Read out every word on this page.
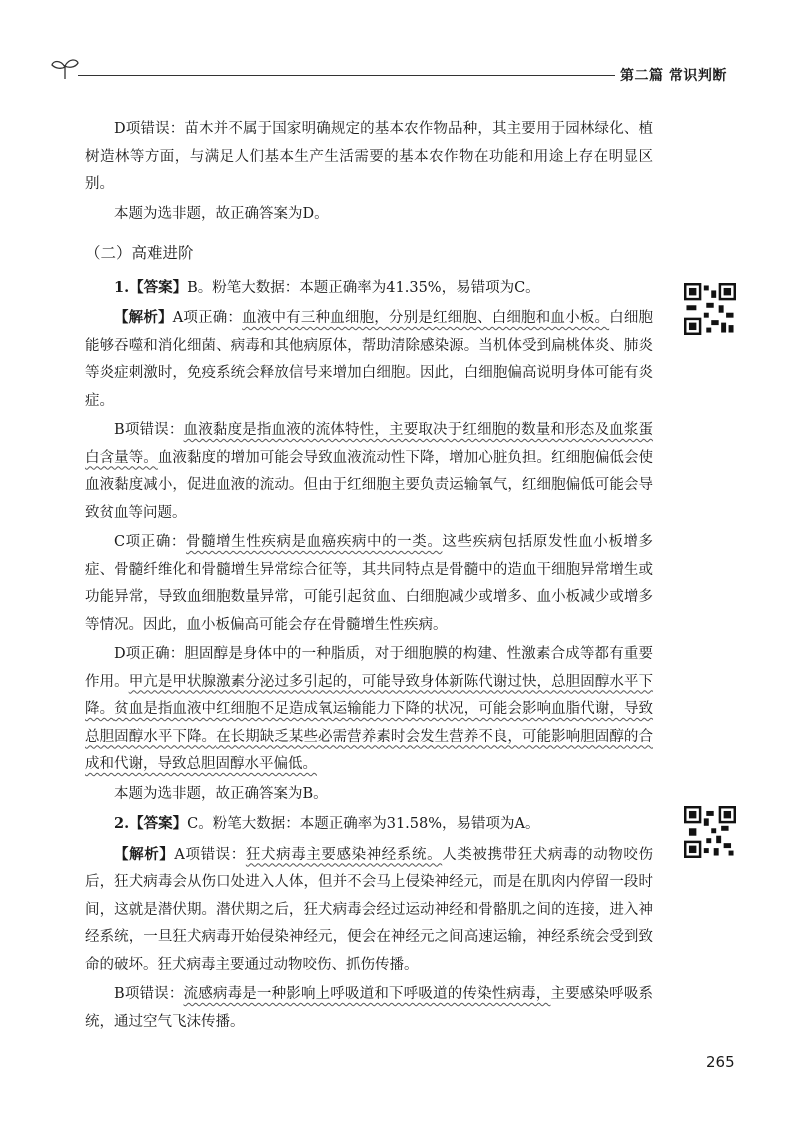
第二篇 常识判断

D项错误：苗木并不属于国家明确规定的基本农作物品种，其主要用于园林绿化、植树造林等方面，与满足人们基本生产生活需要的基本农作物在功能和用途上存在明显区别。

本题为选非题，故正确答案为D。

（二）高难进阶

1.【答案】B。粉笔大数据：本题正确率为41.35%，易错项为C。

【解析】A项正确：血液中有三种血细胞，分别是红细胞、白细胞和血小板。白细胞能够吞噬和消化细菌、病毒和其他病原体，帮助清除感染源。当机体受到扁桃体炎、肺炎等炎症刺激时，免疫系统会释放信号来增加白细胞。因此，白细胞偏高说明身体可能有炎症。

B项错误：血液黏度是指血液的流体特性，主要取决于红细胞的数量和形态及血浆蛋白含量等。血液黏度的增加可能会导致血液流动性下降，增加心脏负担。红细胞偏低会使血液黏度减小，促进血液的流动。但由于红细胞主要负责运输氧气，红细胞偏低可能会导致贫血等问题。

C项正确：骨髓增生性疾病是血癌疾病中的一类。这些疾病包括原发性血小板增多症、骨髓纤维化和骨髓增生异常综合征等，其共同特点是骨髓中的造血干细胞异常增生或功能异常，导致血细胞数量异常，可能引起贫血、白细胞减少或增多、血小板减少或增多等情况。因此，血小板偏高可能会存在骨髓增生性疾病。

D项正确：胆固醇是身体中的一种脂质，对于细胞膜的构建、性激素合成等都有重要作用。甲亢是甲状腺激素分泌过多引起的，可能导致身体新陈代谢过快，总胆固醇水平下降。贫血是指血液中红细胞不足造成氧运输能力下降的状况，可能会影响血脂代谢，导致总胆固醇水平下降。在长期缺乏某些必需营养素时会发生营养不良，可能影响胆固醇的合成和代谢，导致总胆固醇水平偏低。

本题为选非题，故正确答案为B。

2.【答案】C。粉笔大数据：本题正确率为31.58%，易错项为A。

【解析】A项错误：狂犬病毒主要感染神经系统。人类被携带狂犬病毒的动物咬伤后，狂犬病毒会从伤口处进入人体，但并不会马上侵染神经元，而是在肌肉内停留一段时间，这就是潜伏期。潜伏期之后，狂犬病毒会经过运动神经和骨骼肌之间的连接，进入神经系统，一旦狂犬病毒开始侵染神经元，便会在神经元之间高速运输，神经系统会受到致命的破坏。狂犬病毒主要通过动物咬伤、抓伤传播。

B项错误：流感病毒是一种影响上呼吸道和下呼吸道的传染性病毒，主要感染呼吸系统，通过空气飞沫传播。

265
